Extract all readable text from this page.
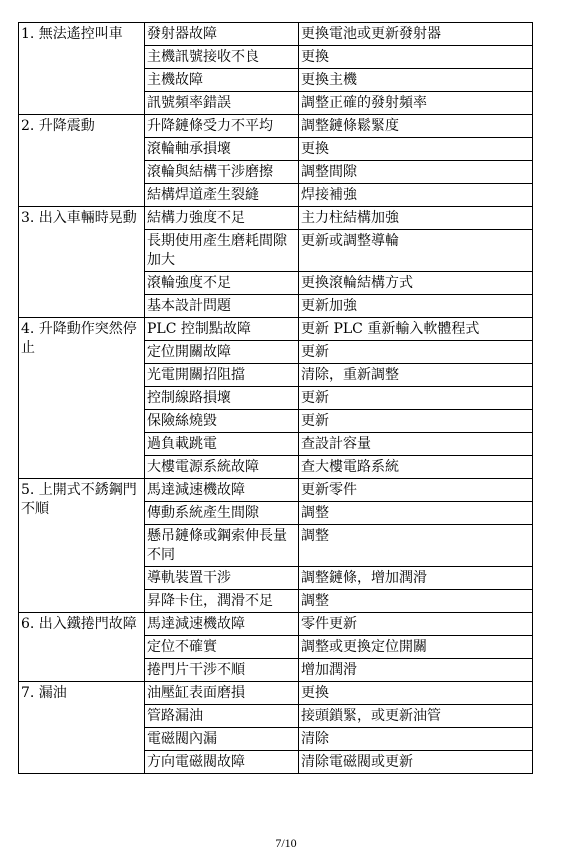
1. 無法遙控叫車	發射器故障	更換電池或更新發射器
	主機訊號接收不良	更換
	主機故障	更換主機
	訊號頻率錯誤	調整正確的發射頻率
2. 升降震動	升降鏈條受力不平均	調整鏈條鬆緊度
	滾輪軸承損壞	更換
	滾輪與結構干涉磨擦	調整間隙
	結構焊道產生裂縫	焊接補強
3. 出入車輛時晃動	結構力強度不足	主力柱結構加強
	長期使用產生磨耗間隙加大	更新或調整導輪
	滾輪強度不足	更換滾輪結構方式
	基本設計問題	更新加強
4. 升降動作突然停止	PLC 控制點故障	更新 PLC 重新輸入軟體程式
	定位開關故障	更新
	光電開關招阻擋	清除，重新調整
	控制線路損壞	更新
	保險絲燒毀	更新
	過負載跳電	查設計容量
	大樓電源系統故障	查大樓電路系統
5. 上開式不銹鋼門不順	馬達減速機故障	更新零件
	傳動系統產生間隙	調整
	懸吊鏈條或鋼索伸長量不同	調整
	導軌裝置干涉	調整鏈條，增加潤滑
	昇降卡住，潤滑不足	調整
6. 出入鐵捲門故障	馬達減速機故障	零件更新
	定位不確實	調整或更換定位開關
	捲門片干涉不順	增加潤滑
7. 漏油	油壓缸表面磨損	更換
	管路漏油	接頭鎖緊，或更新油管
	電磁閥內漏	清除
	方向電磁閥故障	清除電磁閥或更新
7/10
